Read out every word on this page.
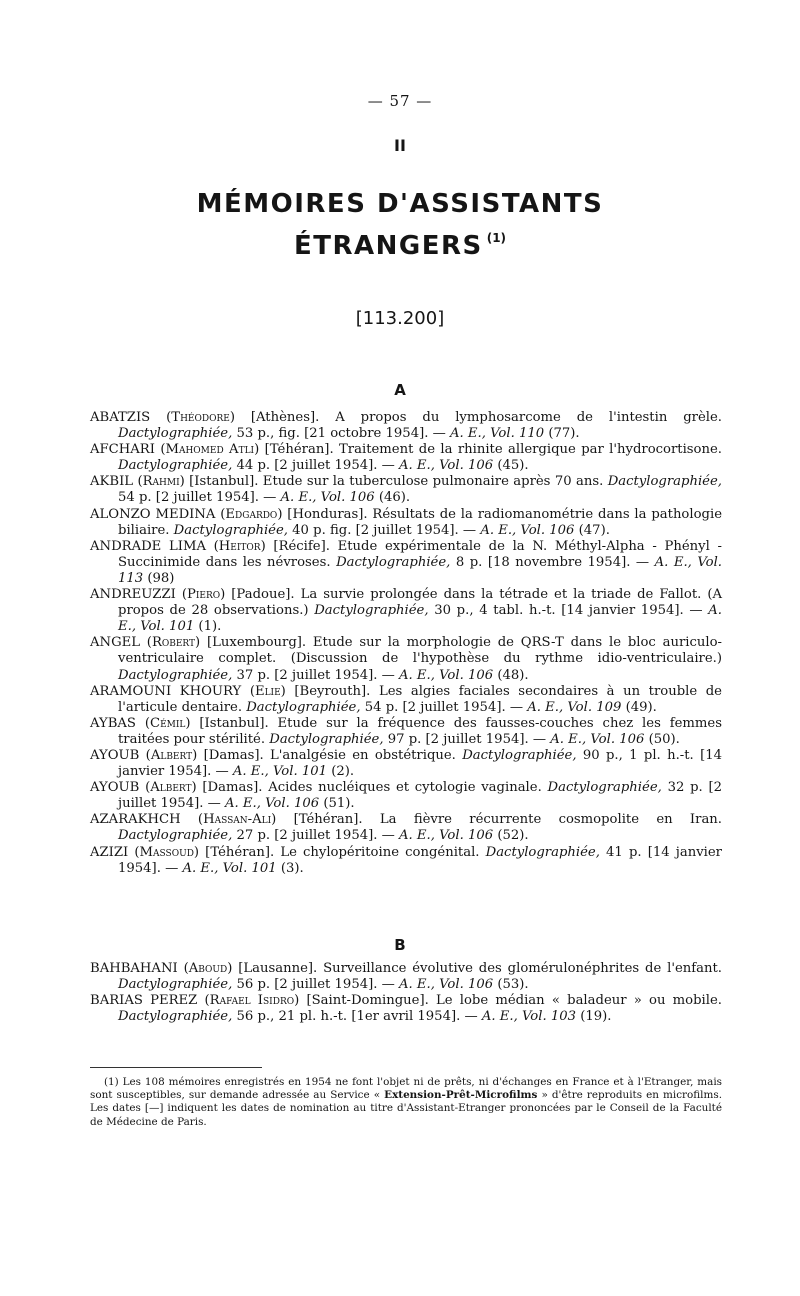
— 57 —
II
MÉMOIRES D'ASSISTANTS
ÉTRANGERS $^{(1)}$
[113.200]
A
ABATZIS (Théodore) [Athènes]. A propos du lymphosarcome de l'intestin grèle. Dactylographiée, 53 p., fig. [21 octobre 1954]. — A. E., Vol. 110 (77).
AFCHARI (Mahomed Atli) [Téhéran]. Traitement de la rhinite allergique par l'hydrocortisone. Dactylographiée, 44 p. [2 juillet 1954]. — A. E., Vol. 106 (45).
AKBIL (Rahmi) [Istanbul]. Etude sur la tuberculose pulmonaire après 70 ans. Dactylographiée, 54 p. [2 juillet 1954]. — A. E., Vol. 106 (46).
ALONZO MEDINA (Edgardo) [Honduras]. Résultats de la radiomanométrie dans la pathologie biliaire. Dactylographiée, 40 p. fig. [2 juillet 1954]. — A. E., Vol. 106 (47).
ANDRADE LIMA (Heitor) [Récife]. Etude expérimentale de la N. Méthyl-Alpha - Phényl - Succinimide dans les névroses. Dactylographiée, 8 p. [18 novembre 1954]. — A. E., Vol. 113 (98)
ANDREUZZI (Piero) [Padoue]. La survie prolongée dans la tétrade et la triade de Fallot. (A propos de 28 observations.) Dactylographiée, 30 p., 4 tabl. h.-t. [14 janvier 1954]. — A. E., Vol. 101 (1).
ANGEL (Robert) [Luxembourg]. Etude sur la morphologie de QRS-T dans le bloc auriculo-ventriculaire complet. (Discussion de l'hypothèse du rythme idio-ventriculaire.) Dactylographiée, 37 p. [2 juillet 1954]. — A. E., Vol. 106 (48).
ARAMOUNI KHOURY (Elie) [Beyrouth]. Les algies faciales secondaires à un trouble de l'articule dentaire. Dactylographiée, 54 p. [2 juillet 1954]. — A. E., Vol. 109 (49).
AYBAS (Cémil) [Istanbul]. Etude sur la fréquence des fausses-couches chez les femmes traitées pour stérilité. Dactylographiée, 97 p. [2 juillet 1954]. — A. E., Vol. 106 (50).
AYOUB (Albert) [Damas]. L'analgésie en obstétrique. Dactylographiée, 90 p., 1 pl. h.-t. [14 janvier 1954]. — A. E., Vol. 101 (2).
AYOUB (Albert) [Damas]. Acides nucléiques et cytologie vaginale. Dactylographiée, 32 p. [2 juillet 1954]. — A. E., Vol. 106 (51).
AZARAKHCH (Hassan-Ali) [Téhéran]. La fièvre récurrente cosmopolite en Iran. Dactylographiée, 27 p. [2 juillet 1954]. — A. E., Vol. 106 (52).
AZIZI (Massoud) [Téhéran]. Le chylopéritoine congénital. Dactylographiée, 41 p. [14 janvier 1954]. — A. E., Vol. 101 (3).
B
BAHBAHANI (Aboud) [Lausanne]. Surveillance évolutive des glomérulonéphrites de l'enfant. Dactylographiée, 56 p. [2 juillet 1954]. — A. E., Vol. 106 (53).
BARIAS PEREZ (Rafael Isidro) [Saint-Domingue]. Le lobe médian « baladeur » ou mobile. Dactylographiée, 56 p., 21 pl. h.-t. [1er avril 1954]. — A. E., Vol. 103 (19).
(1) Les 108 mémoires enregistrés en 1954 ne font l'objet ni de prêts, ni d'échanges en France et à l'Etranger, mais sont susceptibles, sur demande adressée au Service « Extension-Prêt-Microfilms » d'être reproduits en microfilms. Les dates [—] indiquent les dates de nomination au titre d'Assistant-Etranger prononcées par le Conseil de la Faculté de Médecine de Paris.
